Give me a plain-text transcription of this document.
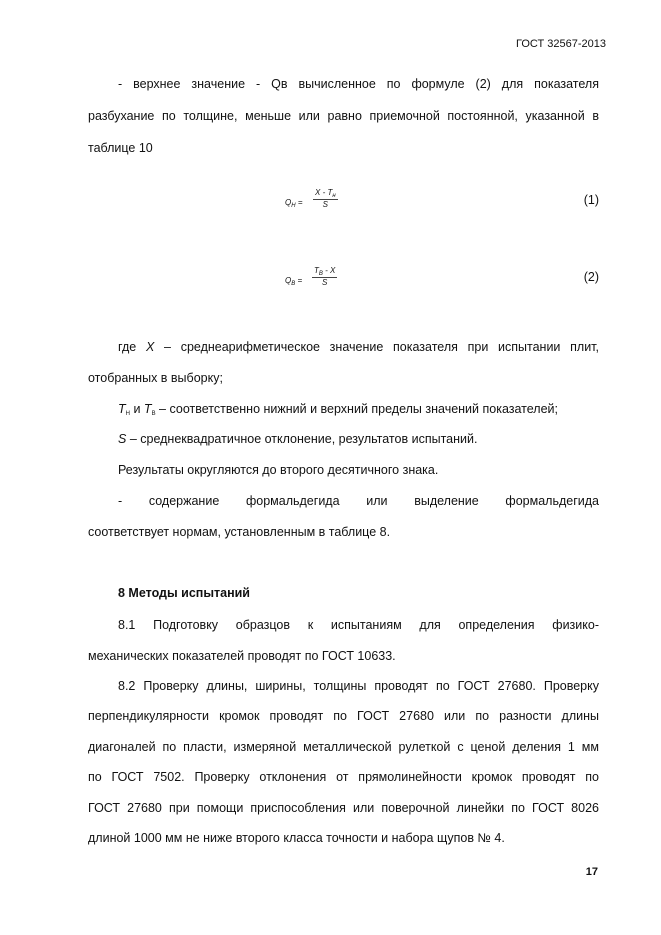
ГОСТ 32567-2013
- верхнее значение - Qв вычисленное по формуле (2) для показателя
разбухание по толщине, меньше или равно приемочной постоянной, указанной в
таблице 10
$Q_H$ =
X - $T_н$
S	(1)
$Q_B = \frac{T_B - X}{S}$	(2)
где X – среднеарифметическое значение показателя при испытании плит,
отобранных в выборку;
$Т_Н$ и $Т_В$ – соответственно нижний и верхний пределы значений показателей;
S – среднеквадратичное отклонение, результатов испытаний.
Результаты округляются до второго десятичного знака.
- содержание формальдегида или выделение формальдегида
соответствует нормам, установленным в таблице 8.
8 Методы испытаний
8.1 Подготовку образцов к испытаниям для определения физико-
механических показателей проводят по ГОСТ 10633.
8.2 Проверку длины, ширины, толщины проводят по ГОСТ 27680. Проверку
перпендикулярности кромок проводят по ГОСТ 27680 или по разности длины
диагоналей по пласти, измеряной металлической рулеткой с ценой деления 1 мм
по ГОСТ 7502. Проверку отклонения от прямолинейности кромок проводят по
ГОСТ 27680 при помощи приспособления или поверочной линейки по ГОСТ 8026
длиной 1000 мм не ниже второго класса точности и набора щупов № 4.
17
